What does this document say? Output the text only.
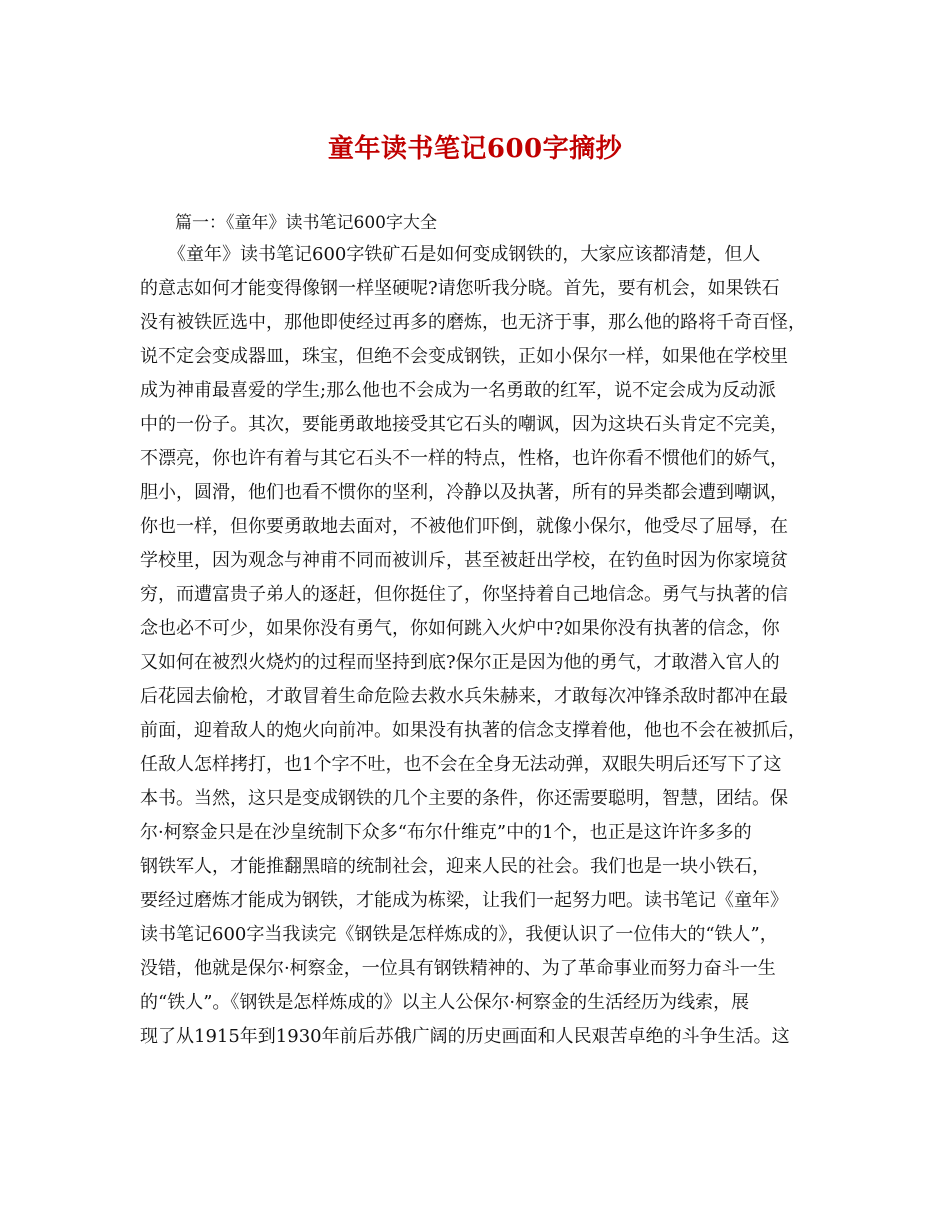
童年读书笔记600字摘抄
篇一：《童年》读书笔记600字大全
《童年》读书笔记600字铁矿石是如何变成钢铁的，大家应该都清楚，但人
的意志如何才能变得像钢一样坚硬呢?请您听我分晓。首先，要有机会，如果铁石
没有被铁匠选中，那他即使经过再多的磨炼，也无济于事，那么他的路将千奇百怪，
说不定会变成器皿，珠宝，但绝不会变成钢铁，正如小保尔一样，如果他在学校里
成为神甫最喜爱的学生;那么他也不会成为一名勇敢的红军，说不定会成为反动派
中的一份子。其次，要能勇敢地接受其它石头的嘲讽，因为这块石头肯定不完美，
不漂亮，你也许有着与其它石头不一样的特点，性格，也许你看不惯他们的娇气，
胆小，圆滑，他们也看不惯你的坚利，冷静以及执著，所有的异类都会遭到嘲讽，
你也一样，但你要勇敢地去面对，不被他们吓倒，就像小保尔，他受尽了屈辱，在
学校里，因为观念与神甫不同而被训斥，甚至被赶出学校，在钓鱼时因为你家境贫
穷，而遭富贵子弟人的逐赶，但你挺住了，你坚持着自己地信念。勇气与执著的信
念也必不可少，如果你没有勇气，你如何跳入火炉中?如果你没有执著的信念，你
又如何在被烈火烧灼的过程而坚持到底?保尔正是因为他的勇气，才敢潜入官人的
后花园去偷枪，才敢冒着生命危险去救水兵朱赫来，才敢每次冲锋杀敌时都冲在最
前面，迎着敌人的炮火向前冲。如果没有执著的信念支撑着他，他也不会在被抓后，
任敌人怎样拷打，也1个字不吐，也不会在全身无法动弹，双眼失明后还写下了这
本书。当然，这只是变成钢铁的几个主要的条件，你还需要聪明，智慧，团结。保
尔·柯察金只是在沙皇统制下众多“布尔什维克”中的1个，也正是这许许多多的
钢铁军人，才能推翻黑暗的统制社会，迎来人民的社会。我们也是一块小铁石，
要经过磨炼才能成为钢铁，才能成为栋梁，让我们一起努力吧。读书笔记《童年》
读书笔记600字当我读完《钢铁是怎样炼成的》，我便认识了一位伟大的“铁人”，
没错，他就是保尔·柯察金，一位具有钢铁精神的、为了革命事业而努力奋斗一生
的“铁人”。《钢铁是怎样炼成的》以主人公保尔·柯察金的生活经历为线索，展
现了从1915年到1930年前后苏俄广阔的历史画面和人民艰苦卓绝的斗争生活。这
